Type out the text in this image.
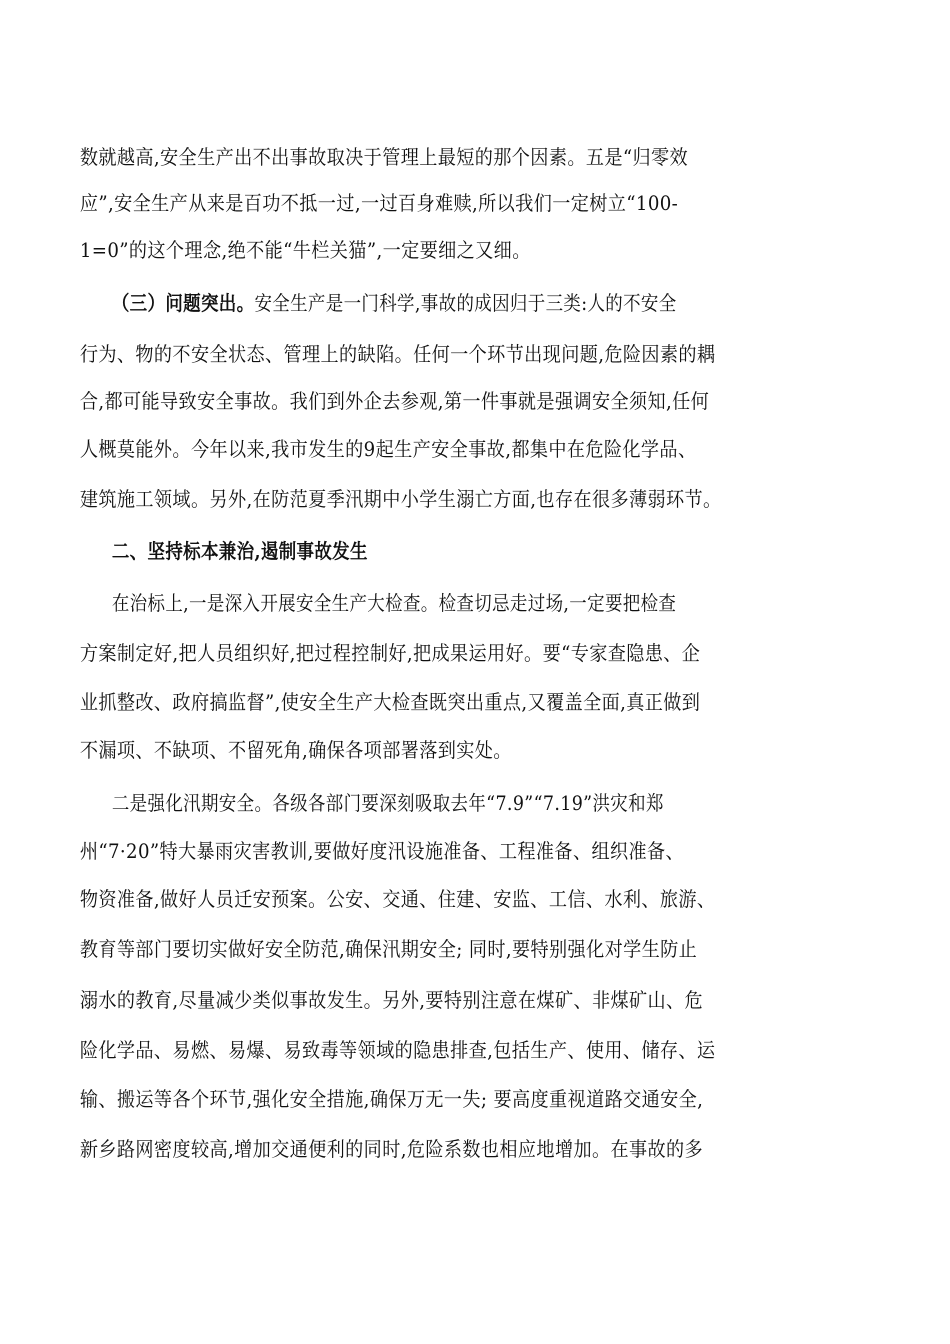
数就越高,安全生产出不出事故取决于管理上最短的那个因素。五是“归零效
应”,安全生产从来是百功不抵一过,一过百身难赎,所以我们一定树立“100-
1=0”的这个理念,绝不能“牛栏关猫”,一定要细之又细。
（三）问题突出。安全生产是一门科学,事故的成因归于三类:人的不安全
行为、物的不安全状态、管理上的缺陷。任何一个环节出现问题,危险因素的耦
合,都可能导致安全事故。我们到外企去参观,第一件事就是强调安全须知,任何
人概莫能外。今年以来,我市发生的9起生产安全事故,都集中在危险化学品、
建筑施工领域。另外,在防范夏季汛期中小学生溺亡方面,也存在很多薄弱环节。
二、坚持标本兼治,遏制事故发生
在治标上,一是深入开展安全生产大检查。检查切忌走过场,一定要把检查
方案制定好,把人员组织好,把过程控制好,把成果运用好。要“专家查隐患、企
业抓整改、政府搞监督”,使安全生产大检查既突出重点,又覆盖全面,真正做到
不漏项、不缺项、不留死角,确保各项部署落到实处。
二是强化汛期安全。各级各部门要深刻吸取去年“7.9”“7.19”洪灾和郑
州“7·20”特大暴雨灾害教训,要做好度汛设施准备、工程准备、组织准备、
物资准备,做好人员迁安预案。公安、交通、住建、安监、工信、水利、旅游、
教育等部门要切实做好安全防范,确保汛期安全; 同时,要特别强化对学生防止
溺水的教育,尽量减少类似事故发生。另外,要特别注意在煤矿、非煤矿山、危
险化学品、易燃、易爆、易致毒等领域的隐患排查,包括生产、使用、储存、运
输、搬运等各个环节,强化安全措施,确保万无一失; 要高度重视道路交通安全,
新乡路网密度较高,增加交通便利的同时,危险系数也相应地增加。在事故的多
